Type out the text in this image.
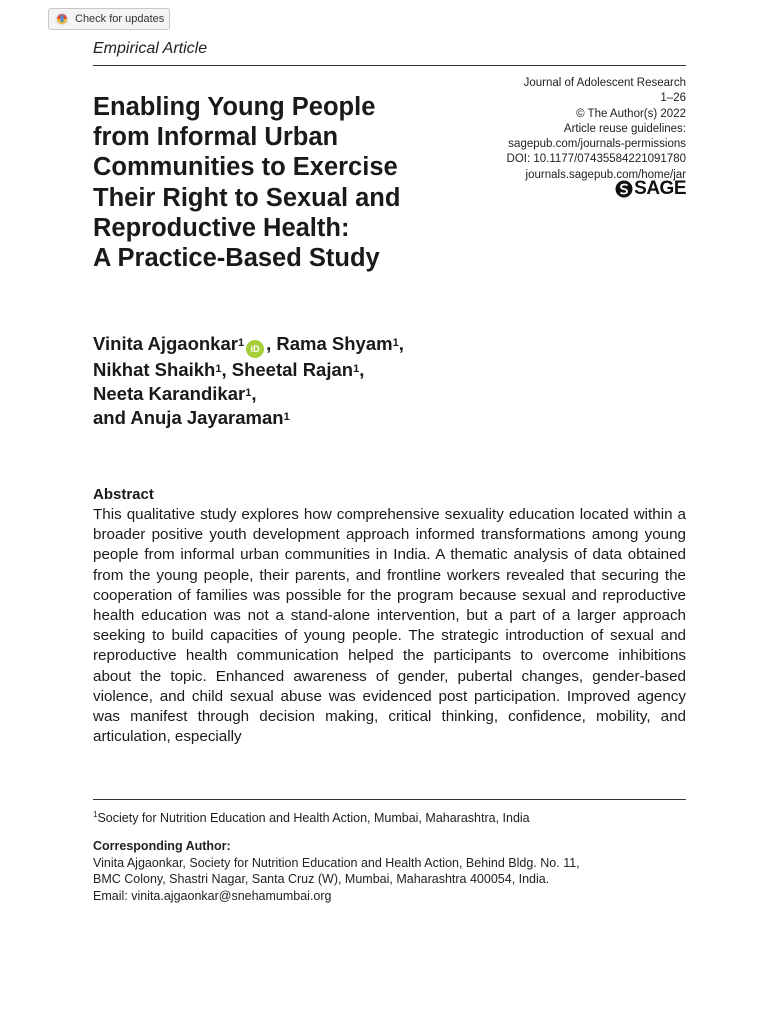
Check for updates
Empirical Article
Journal of Adolescent Research
1–26
© The Author(s) 2022
Article reuse guidelines:
sagepub.com/journals-permissions
DOI: 10.1177/07435584221091780
journals.sagepub.com/home/jar
SAGE
Enabling Young People
from Informal Urban
Communities to Exercise
Their Right to Sexual and
Reproductive Health:
A Practice-Based Study
Vinita Ajgaonkar$^1$ iD , Rama Shyam$^1$,
Nikhat Shaikh$^1$, Sheetal Rajan$^1$,
Neeta Karandikar$^1$,
and Anuja Jayaraman$^1$
Abstract

This qualitative study explores how comprehensive sexuality education located within a broader positive youth development approach informed transformations among young people from informal urban communities in India. A thematic analysis of data obtained from the young people, their parents, and frontline workers revealed that securing the cooperation of families was possible for the program because sexual and reproductive health education was not a stand-alone intervention, but a part of a larger approach seeking to build capacities of young people. The strategic introduction of sexual and reproductive health communication helped the participants to overcome inhibitions about the topic. Enhanced awareness of gender, pubertal changes, gender-based violence, and child sexual abuse was evidenced post participation. Improved agency was manifest through decision making, critical thinking, confidence, mobility, and articulation, especially

$^1$Society for Nutrition Education and Health Action, Mumbai, Maharashtra, India
Corresponding Author:
Vinita Ajgaonkar, Society for Nutrition Education and Health Action, Behind Bldg. No. 11,
BMC Colony, Shastri Nagar, Santa Cruz (W), Mumbai, Maharashtra 400054, India.
Email: vinita.ajgaonkar@snehamumbai.org
